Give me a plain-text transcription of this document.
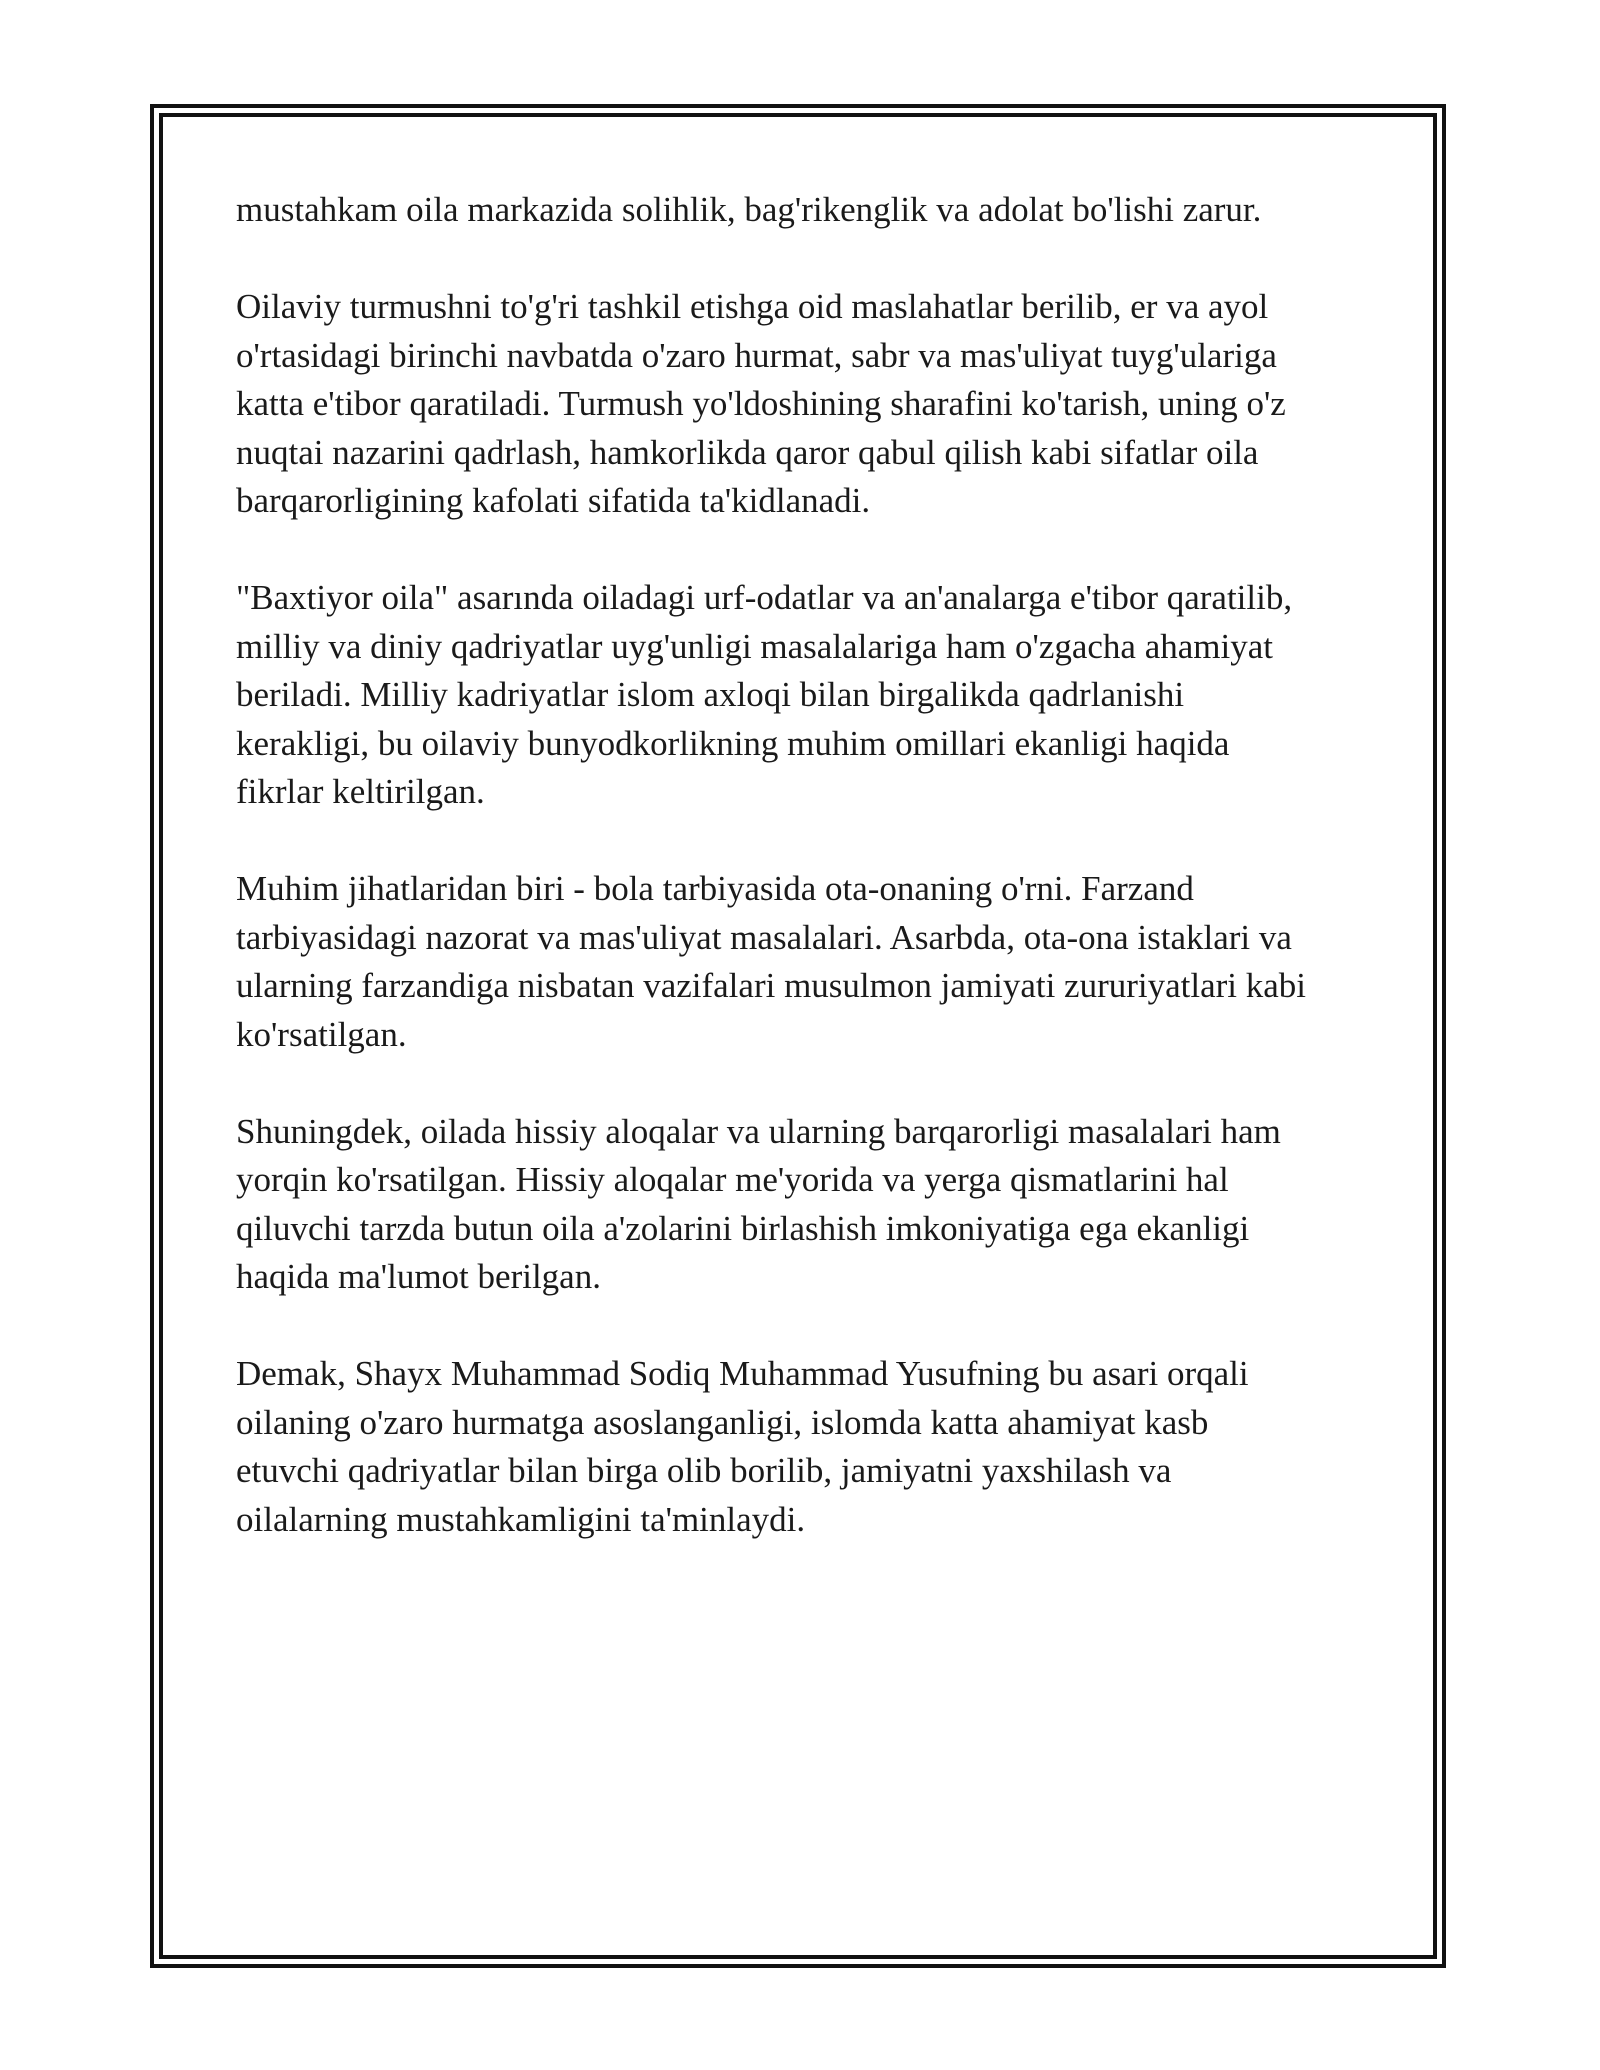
mustahkam oila markazida solihlik, bag'rikenglik va adolat bo'lishi zarur.

Oilaviy turmushni to'g'ri tashkil etishga oid maslahatlar berilib, er va ayol
o'rtasidagi birinchi navbatda o'zaro hurmat, sabr va mas'uliyat tuyg'ulariga
katta e'tibor qaratiladi. Turmush yo'ldoshining sharafini ko'tarish, uning o'z
nuqtai nazarini qadrlash, hamkorlikda qaror qabul qilish kabi sifatlar oila
barqarorligining kafolati sifatida ta'kidlanadi.

"Baxtiyor oila" asarında oiladagi urf-odatlar va an'analarga e'tibor qaratilib,
milliy va diniy qadriyatlar uyg'unligi masalalariga ham o'zgacha ahamiyat
beriladi. Milliy kadriyatlar islom axloqi bilan birgalikda qadrlanishi
kerakligi, bu oilaviy bunyodkorlikning muhim omillari ekanligi haqida
fikrlar keltirilgan.

Muhim jihatlaridan biri - bola tarbiyasida ota-onaning o'rni. Farzand
tarbiyasidagi nazorat va mas'uliyat masalalari. Asarbda, ota-ona istaklari va
ularning farzandiga nisbatan vazifalari musulmon jamiyati zururiyatlari kabi
ko'rsatilgan.

Shuningdek, oilada hissiy aloqalar va ularning barqarorligi masalalari ham
yorqin ko'rsatilgan. Hissiy aloqalar me'yorida va yerga qismatlarini hal
qiluvchi tarzda butun oila a'zolarini birlashish imkoniyatiga ega ekanligi
haqida ma'lumot berilgan.

Demak, Shayx Muhammad Sodiq Muhammad Yusufning bu asari orqali
oilaning o'zaro hurmatga asoslanganligi, islomda katta ahamiyat kasb
etuvchi qadriyatlar bilan birga olib borilib, jamiyatni yaxshilash va
oilalarning mustahkamligini ta'minlaydi.
